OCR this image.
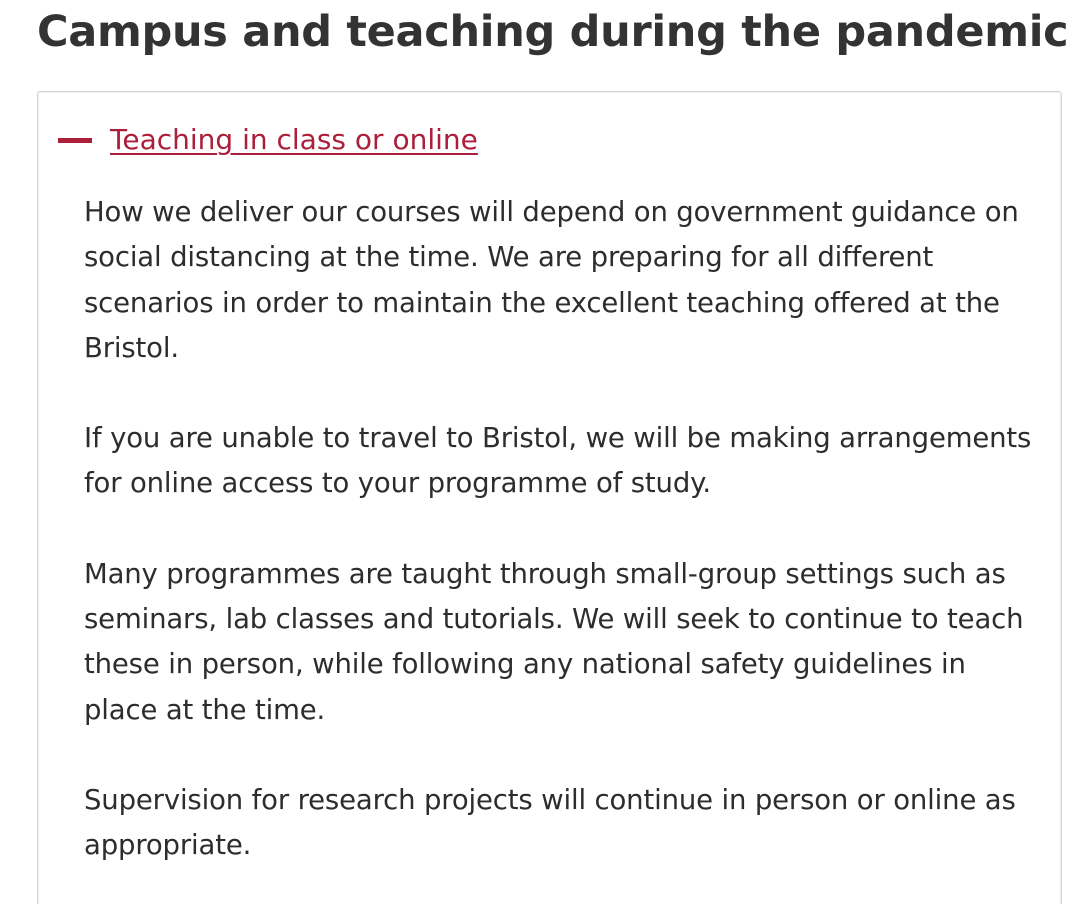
Campus and teaching during the pandemic
Teaching in class or online

How we deliver our courses will depend on government guidance on social distancing at the time. We are preparing for all different scenarios in order to maintain the excellent teaching offered at the Bristol.

If you are unable to travel to Bristol, we will be making arrangements for online access to your programme of study.

Many programmes are taught through small-group settings such as seminars, lab classes and tutorials. We will seek to continue to teach these in person, while following any national safety guidelines in place at the time.

Supervision for research projects will continue in person or online as appropriate.
